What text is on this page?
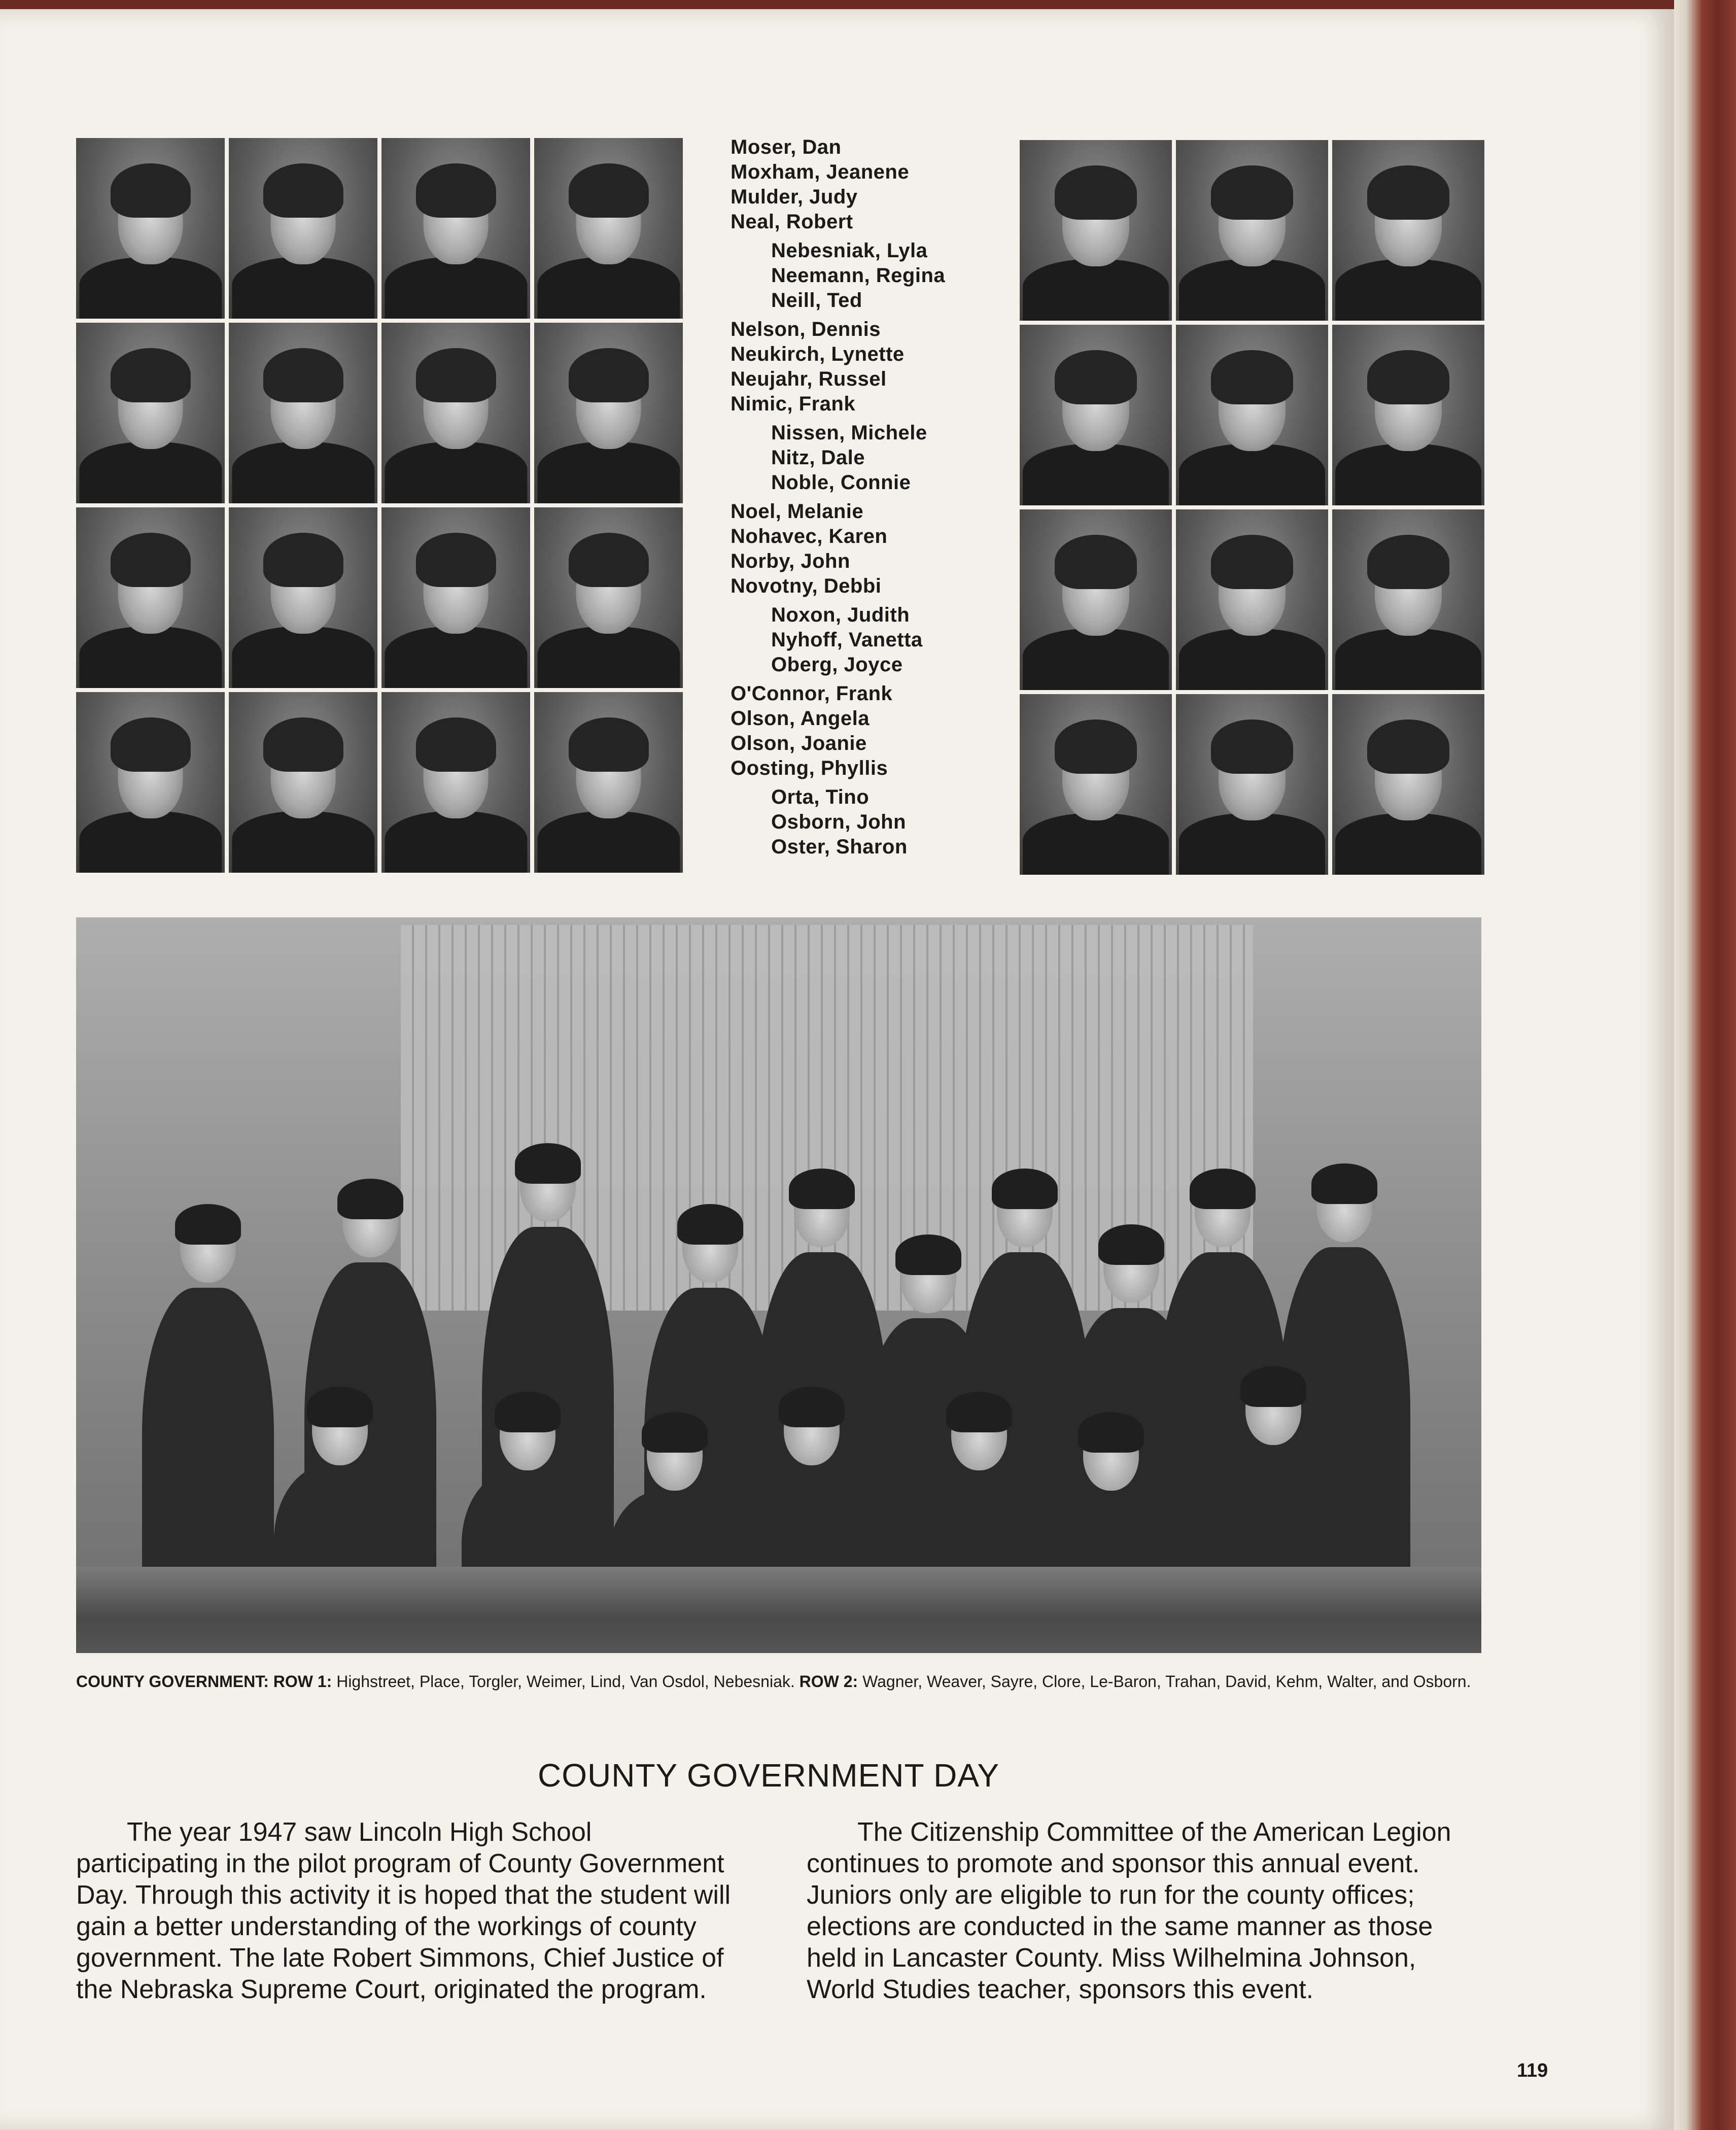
Moser, Dan
Moxham, Jeanene
Mulder, Judy
Neal, Robert
Nebesniak, Lyla
Neemann, Regina
Neill, Ted
Nelson, Dennis
Neukirch, Lynette
Neujahr, Russel
Nimic, Frank
Nissen, Michele
Nitz, Dale
Noble, Connie
Noel, Melanie
Nohavec, Karen
Norby, John
Novotny, Debbi
Noxon, Judith
Nyhoff, Vanetta
Oberg, Joyce
O'Connor, Frank
Olson, Angela
Olson, Joanie
Oosting, Phyllis
Orta, Tino
Osborn, John
Oster, Sharon
COUNTY GOVERNMENT: ROW 1: Highstreet, Place, Torgler, Weimer, Lind, Van Osdol, Nebesniak. ROW 2: Wagner, Weaver, Sayre, Clore, Le-Baron, Trahan, David, Kehm, Walter, and Osborn.
COUNTY GOVERNMENT DAY

The year 1947 saw Lincoln High School participating in the pilot program of County Government Day. Through this activity it is hoped that the student will gain a better understanding of the workings of county government. The late Robert Simmons, Chief Justice of the Nebraska Supreme Court, originated the program.

The Citizenship Committee of the American Legion continues to promote and sponsor this annual event. Juniors only are eligible to run for the county offices; elections are conducted in the same manner as those held in Lancaster County. Miss Wilhelmina Johnson, World Studies teacher, sponsors this event.

119
